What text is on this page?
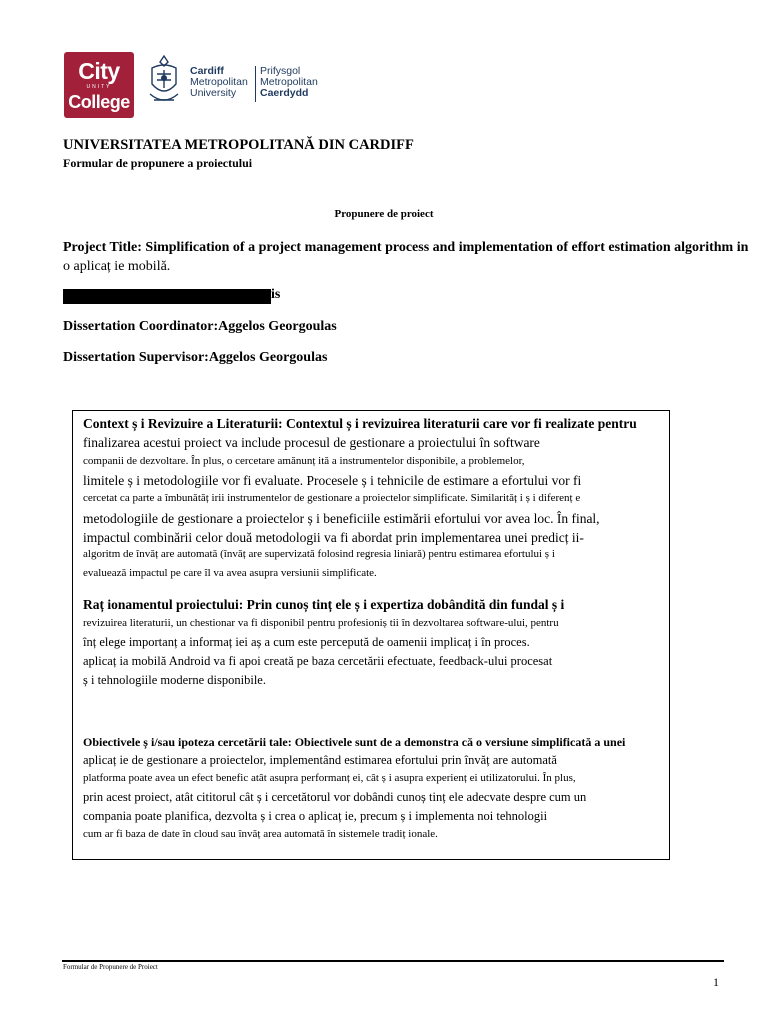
City
UNITY
College
Cardiff
Metropolitan
University
Prifysgol
Metropolitan
Caerdydd
UNIVERSITATEA METROPOLITANĂ DIN CARDIFF
Formular de propunere a proiectului
Propunere de proiect
Project Title: Simplification of a project management process and implementation of effort estimation algorithm in
o aplicaț ie mobilă.
is
Dissertation Coordinator:Aggelos Georgoulas
Dissertation Supervisor:Aggelos Georgoulas
Context ș i Revizuire a Literaturii: Contextul ș i revizuirea literaturii care vor fi realizate pentru
finalizarea acestui proiect va include procesul de gestionare a proiectului în software
companii de dezvoltare. În plus, o cercetare amănunț ită a instrumentelor disponibile, a problemelor,
limitele ș i metodologiile vor fi evaluate. Procesele ș i tehnicile de estimare a efortului vor fi
cercetat ca parte a îmbunătăț irii instrumentelor de gestionare a proiectelor simplificate. Similarităț i ș i diferenț e
metodologiile de gestionare a proiectelor ș i beneficiile estimării efortului vor avea loc. În final,
impactul combinării celor două metodologii va fi abordat prin implementarea unei predicț ii-
algoritm de învăț are automată (învăț are supervizată folosind regresia liniară) pentru estimarea efortului ș i
evaluează impactul pe care îl va avea asupra versiunii simplificate.
Raț ionamentul proiectului: Prin cunoș tinț ele ș i expertiza dobândită din fundal ș i
revizuirea literaturii, un chestionar va fi disponibil pentru profesioniș tii în dezvoltarea software-ului, pentru
înț elege importanț a informaț iei aș a cum este percepută de oamenii implicaț i în proces.
aplicaț ia mobilă Android va fi apoi creată pe baza cercetării efectuate, feedback-ului procesat
ș i tehnologiile moderne disponibile.
Obiectivele ș i/sau ipoteza cercetării tale: Obiectivele sunt de a demonstra că o versiune simplificată a unei
aplicaț ie de gestionare a proiectelor, implementând estimarea efortului prin învăț are automată
platforma poate avea un efect benefic atât asupra performanț ei, cât ș i asupra experienț ei utilizatorului. În plus,
prin acest proiect, atât cititorul cât ș i cercetătorul vor dobândi cunoș tinț ele adecvate despre cum un
compania poate planifica, dezvolta ș i crea o aplicaț ie, precum ș i implementa noi tehnologii
cum ar fi baza de date în cloud sau învăț area automată în sistemele tradiț ionale.
Formular de Propunere de Proiect
1
